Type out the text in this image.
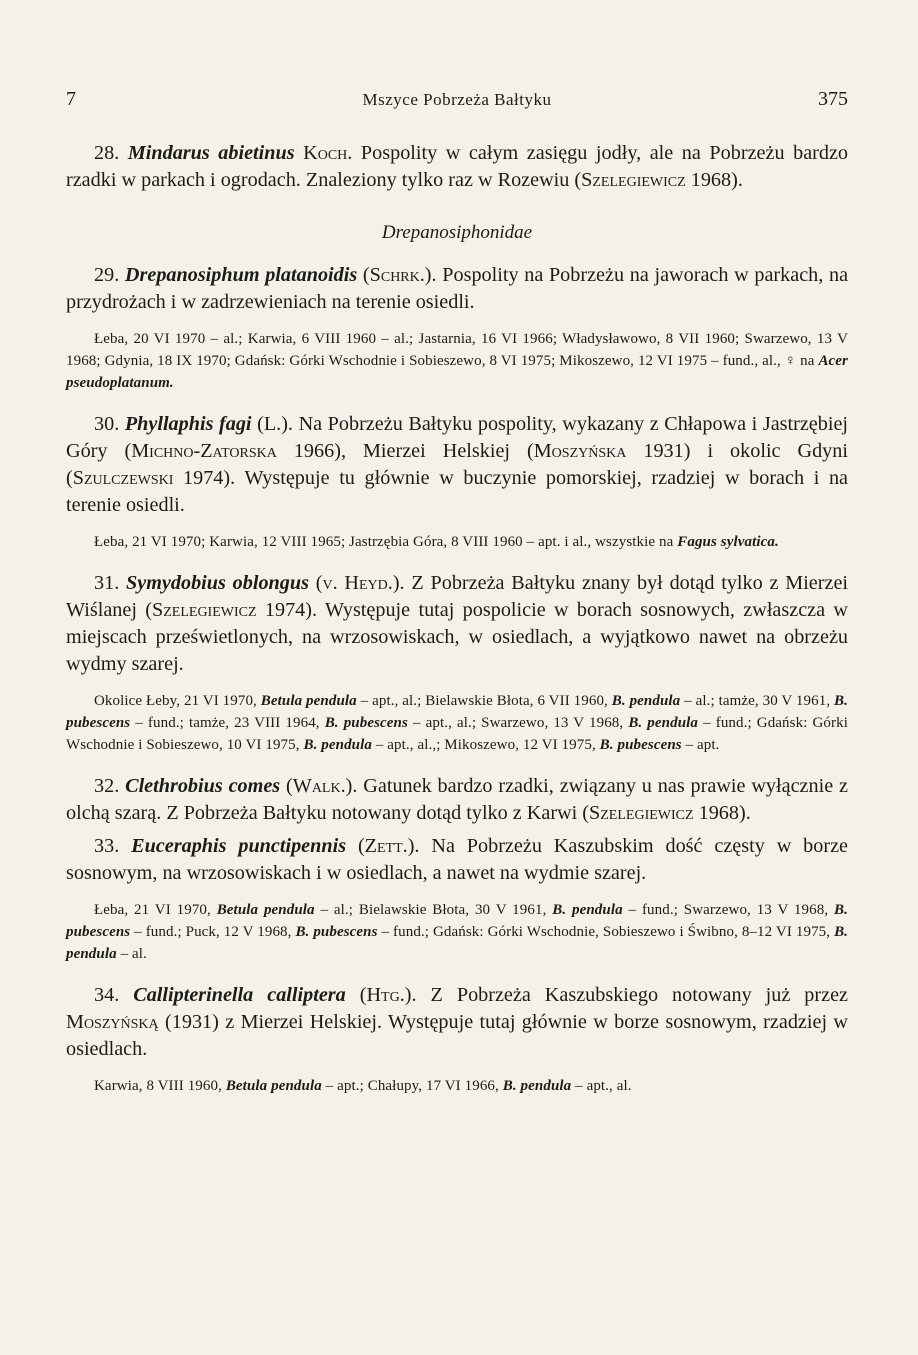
7	Mszyce Pobrzeża Bałtyku	375

28. Mindarus abietinus Koch. Pospolity w całym zasięgu jodły, ale na Pobrzeżu bardzo rzadki w parkach i ogrodach. Znaleziony tylko raz w Rozewiu (Szelegiewicz 1968).

Drepanosiphonidae

29. Drepanosiphum platanoidis (Schrk.). Pospolity na Pobrzeżu na jaworach w parkach, na przydrożach i w zadrzewieniach na terenie osiedli.

Łeba, 20 VI 1970 – al.; Karwia, 6 VIII 1960 – al.; Jastarnia, 16 VI 1966; Władysławowo, 8 VII 1960; Swarzewo, 13 V 1968; Gdynia, 18 IX 1970; Gdańsk: Górki Wschodnie i Sobieszewo, 8 VI 1975; Mikoszewo, 12 VI 1975 – fund., al., ♀ na Acer pseudoplatanum.

30. Phyllaphis fagi (L.). Na Pobrzeżu Bałtyku pospolity, wykazany z Chłapowa i Jastrzębiej Góry (Michno-Zatorska 1966), Mierzei Helskiej (Moszyńska 1931) i okolic Gdyni (Szulczewski 1974). Występuje tu głównie w buczynie pomorskiej, rzadziej w borach i na terenie osiedli.

Łeba, 21 VI 1970; Karwia, 12 VIII 1965; Jastrzębia Góra, 8 VIII 1960 – apt. i al., wszystkie na Fagus sylvatica.

31. Symydobius oblongus (v. Heyd.). Z Pobrzeża Bałtyku znany był dotąd tylko z Mierzei Wiślanej (Szelegiewicz 1974). Występuje tutaj pospolicie w borach sosnowych, zwłaszcza w miejscach prześwietlonych, na wrzosowiskach, w osiedlach, a wyjątkowo nawet na obrzeżu wydmy szarej.

Okolice Łeby, 21 VI 1970, Betula pendula – apt., al.; Bielawskie Błota, 6 VII 1960, B. pendula – al.; tamże, 30 V 1961, B. pubescens – fund.; tamże, 23 VIII 1964, B. pubescens – apt., al.; Swarzewo, 13 V 1968, B. pendula – fund.; Gdańsk: Górki Wschodnie i Sobieszewo, 10 VI 1975, B. pendula – apt., al.,; Mikoszewo, 12 VI 1975, B. pubescens – apt.

32. Clethrobius comes (Walk.). Gatunek bardzo rzadki, związany u nas prawie wyłącznie z olchą szarą. Z Pobrzeża Bałtyku notowany dotąd tylko z Karwi (Szelegiewicz 1968).

33. Euceraphis punctipennis (Zett.). Na Pobrzeżu Kaszubskim dość częsty w borze sosnowym, na wrzosowiskach i w osiedlach, a nawet na wydmie szarej.

Łeba, 21 VI 1970, Betula pendula – al.; Bielawskie Błota, 30 V 1961, B. pendula – fund.; Swarzewo, 13 V 1968, B. pubescens – fund.; Puck, 12 V 1968, B. pubescens – fund.; Gdańsk: Górki Wschodnie, Sobieszewo i Świbno, 8–12 VI 1975, B. pendula – al.

34. Callipterinella calliptera (Htg.). Z Pobrzeża Kaszubskiego notowany już przez Moszyńską (1931) z Mierzei Helskiej. Występuje tutaj głównie w borze sosnowym, rzadziej w osiedlach.

Karwia, 8 VIII 1960, Betula pendula – apt.; Chałupy, 17 VI 1966, B. pendula – apt., al.
